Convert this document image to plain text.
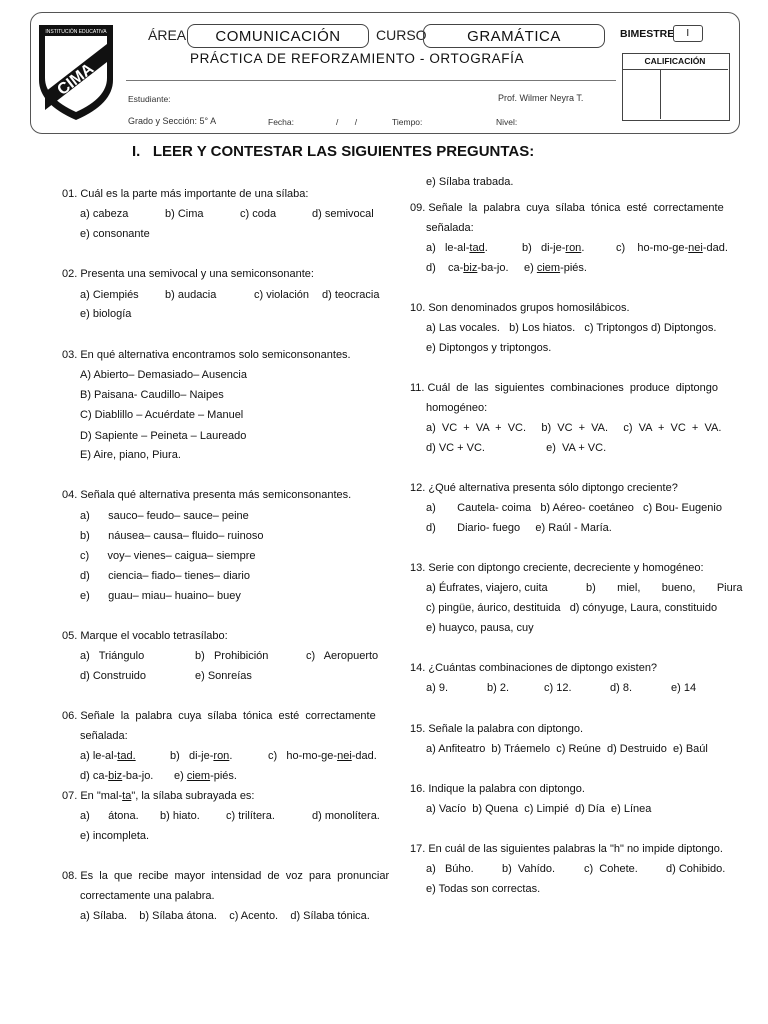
INSTITUCIÓN EDUCATIVA
CIMA
ÁREA	COMUNICACIÓN	CURSO	GRAMÁTICA	BIMESTRE	I
PRÁCTICA DE REFORZAMIENTO - ORTOGRAFÍA	CALIFICACIÓN
Estudiante:	Prof. Wilmer Neyra T.
Grado y Sección: 5° A	Fecha:	/ /	Tiempo:	Nivel:
I.   LEER Y CONTESTAR LAS SIGUIENTES PREGUNTAS:
01. Cuál es la parte más importante de una sílaba:
a) cabeza	b) Cima	c) coda	d) semivocal
e) consonante
02. Presenta una semivocal y una semiconsonante:
a) Ciempiés b) audacia	c) violación d) teocracia
e) biología
03. En qué alternativa encontramos solo semiconsonantes.
A) Abierto– Demasiado– Ausencia
B) Paisana- Caudillo– Naipes
C) Diablillo – Acuérdate – Manuel
D) Sapiente – Peineta – Laureado
E) Aire, piano, Piura.
04. Señala qué alternativa presenta más semiconsonantes.
a)      sauco– feudo– sauce– peine
b)      náusea– causa– fluido– ruinoso
c)      voy– vienes– caigua– siempre
d)      ciencia– fiado– tienes– diario
e)      guau– miau– huaino– buey
05. Marque el vocablo tetrasílabo:
a)   Triángulo	b)   Prohibición	c)   Aeropuerto
d) Construido	e) Sonreías
06. Señale  la  palabra  cuya  sílaba  tónica  esté  correctamente
señalada:
a) le-al-tad.	b)   di-je-ron.	c)   ho-mo-ge-nei-dad.
d) ca-biz-ba-jo. e) ciem-piés.
07. En "mal-ta", la sílaba subrayada es:
a)      átona. b) hiato. c) trilítera.	d) monolítera.
e) incompleta.
08. Es  la  que  recibe  mayor  intensidad  de  voz  para  pronunciar
correctamente una palabra.
a) Sílaba.    b) Sílaba átona.    c) Acento.    d) Sílaba tónica.
e) Sílaba trabada.
09. Señale  la  palabra  cuya  sílaba  tónica  esté  correctamente
señalada:
a)   le-al-tad.	b)   di-je-ron.	c)    ho-mo-ge-nei-dad.
d)    ca-biz-ba-jo. e) ciem-piés.
10. Son denominados grupos homosilábicos.
a) Las vocales.   b) Los hiatos.   c) Triptongos d) Diptongos.
e) Diptongos y triptongos.
11. Cuál  de  las  siguientes  combinaciones  produce  diptongo
homogéneo:
a)  VC  +  VA  +  VC.     b)  VC  +  VA.     c)  VA  +  VC  +  VA.
d) VC + VC.                    e)  VA + VC.
12. ¿Qué alternativa presenta sólo diptongo creciente?
a)       Cautela- coima   b) Aéreo- coetáneo   c) Bou- Eugenio
d)       Diario- fuego     e) Raúl - María.
13. Serie con diptongo creciente, decreciente y homogéneo:
a) Éufrates, viajero, cuita	b)       miel,       bueno,       Piura
c) pingüe, áurico, destituida   d) cónyuge, Laura, constituido
e) huayco, pausa, cuy
14. ¿Cuántas combinaciones de diptongo existen?
a) 9.	b) 2.	c) 12.	d) 8.	e) 14
15. Señale la palabra con diptongo.
a) Anfiteatro  b) Tráemelo  c) Reúne  d) Destruido  e) Baúl
16. Indique la palabra con diptongo.
a) Vacío  b) Quena  c) Limpié  d) Día  e) Línea
17. En cuál de las siguientes palabras la "h" no impide diptongo.
a)   Búho.	b)  Vahído.	c)  Cohete.	d) Cohibido.
e) Todas son correctas.
